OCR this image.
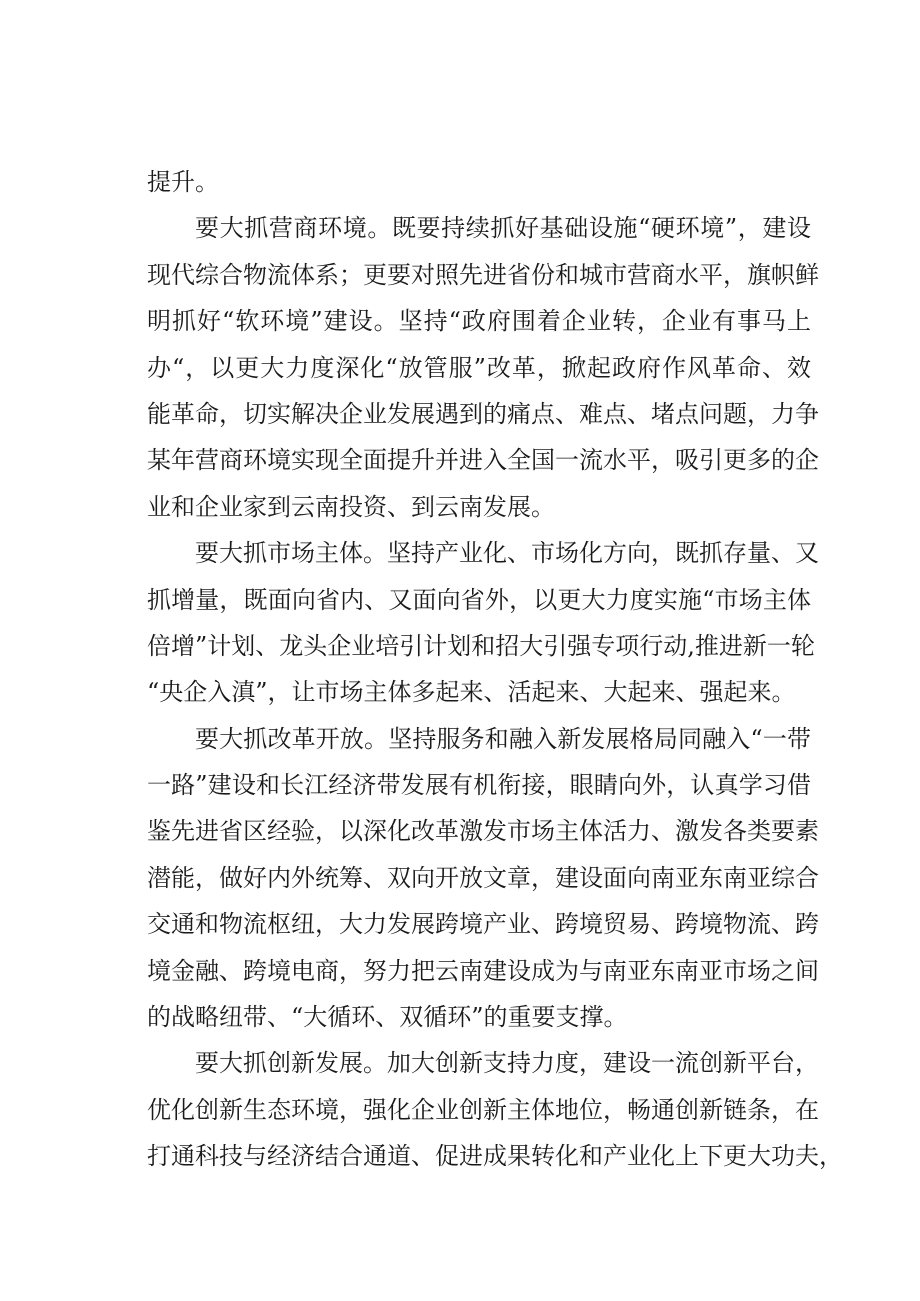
提升。

要大抓营商环境。既要持续抓好基础设施“硬环境”，建设
现代综合物流体系；更要对照先进省份和城市营商水平，旗帜鲜
明抓好“软环境”建设。坚持“政府围着企业转，企业有事马上
办“，以更大力度深化“放管服”改革，掀起政府作风革命、效
能革命，切实解决企业发展遇到的痛点、难点、堵点问题，力争
某年营商环境实现全面提升并进入全国一流水平，吸引更多的企
业和企业家到云南投资、到云南发展。

要大抓市场主体。坚持产业化、市场化方向，既抓存量、又
抓增量，既面向省内、又面向省外，以更大力度实施“市场主体
倍增”计划、龙头企业培引计划和招大引强专项行动,推进新一轮
“央企入滇”，让市场主体多起来、活起来、大起来、强起来。

要大抓改革开放。坚持服务和融入新发展格局同融入“一带
一路”建设和长江经济带发展有机衔接，眼睛向外，认真学习借
鉴先进省区经验，以深化改革激发市场主体活力、激发各类要素
潜能，做好内外统筹、双向开放文章，建设面向南亚东南亚综合
交通和物流枢纽，大力发展跨境产业、跨境贸易、跨境物流、跨
境金融、跨境电商，努力把云南建设成为与南亚东南亚市场之间
的战略纽带、“大循环、双循环”的重要支撑。

要大抓创新发展。加大创新支持力度，建设一流创新平台，
优化创新生态环境，强化企业创新主体地位，畅通创新链条，在
打通科技与经济结合通道、促进成果转化和产业化上下更大功夫，
